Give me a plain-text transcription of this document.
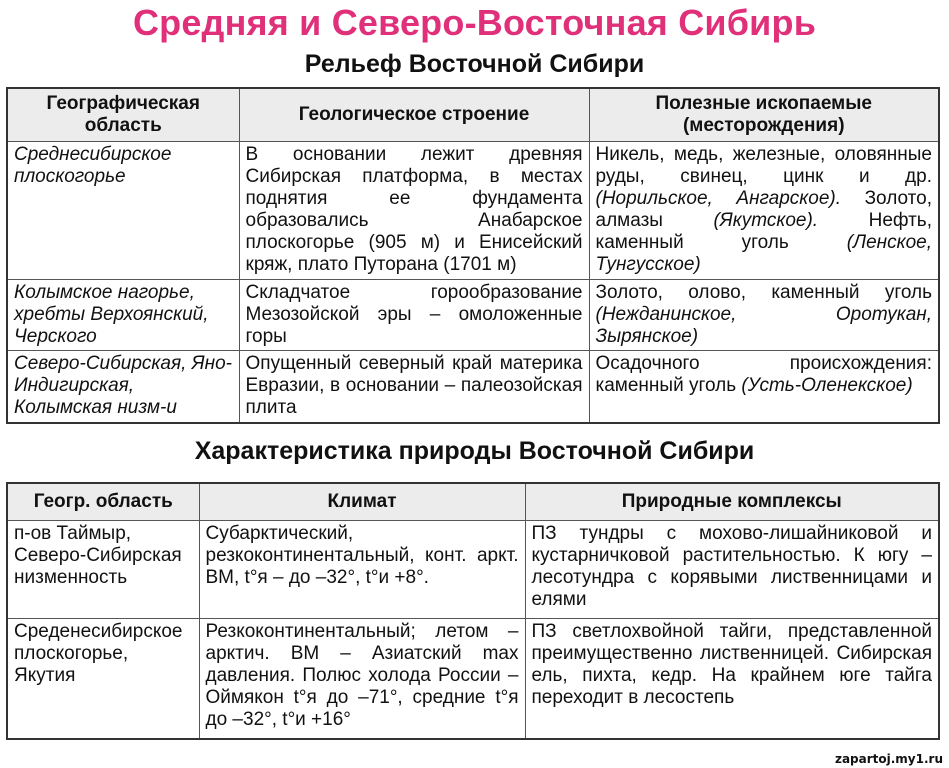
Средняя и Северо-Восточная Сибирь
Рельеф Восточной Сибири
Географическая область	Геологическое строение	Полезные ископаемые (месторождения)
Среднесибирское плоскогорье	В основании лежит древняя Сибирская платформа, в местах поднятия ее фундамента образовались Анабарское плоскогорье (905 м) и Енисейский кряж, плато Путорана (1701 м)	Никель, медь, железные, оловянные руды, свинец, цинк и др. (Норильское, Ангарское). Золото, алмазы (Якутское). Нефть, каменный уголь (Ленское, Тунгусское)
Колымское нагорье, хребты Верхоянский, Черского	Складчатое горообразование Мезозойской эры – омоложенные горы	Золото, олово, каменный уголь (Нежданинское, Оротукан, Зырянское)
Северо-Сибирская, Яно-Индигирская, Колымская низм-и	Опущенный северный край материка Евразии, в основании – палеозойская плита	Осадочного происхождения: каменный уголь (Усть-Оленекское)
Характеристика природы Восточной Сибири
Геогр. область	Климат	Природные комплексы
п-ов Таймыр, Северо-Сибирская низменность	Субарктический, резкоконтинентальный, конт. аркт. ВМ, t°я – до –32°, t°и +8°.	ПЗ тундры с мохово-лишайниковой и кустарничковой растительностью. К югу – лесотундра с корявыми лиственницами и елями
Среденесибирское плоскогорье, Якутия	Резкоконтинентальный; летом – арктич. ВМ – Азиатский max давления. Полюс холода России – Оймякон t°я до –71°, средние t°я до –32°, t°и +16°	ПЗ светлохвойной тайги, представленной преимущественно лиственницей. Сибирская ель, пихта, кедр. На крайнем юге тайга переходит в лесостепь
zapartoj.my1.ru
